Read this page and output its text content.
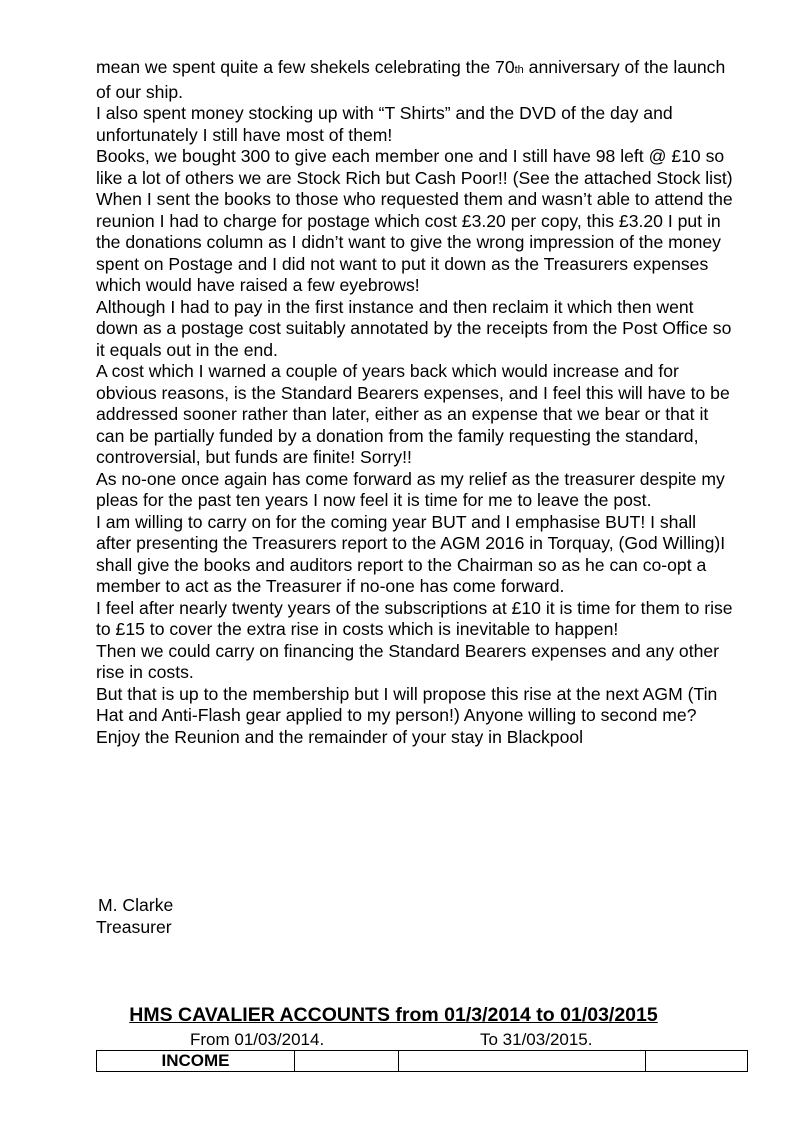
mean we spent quite a few shekels celebrating the 70th anniversary of the launch of our ship.

I also spent money stocking up with “T Shirts” and the DVD of the day and unfortunately I still have most of them!

Books, we bought 300 to give each member one and I still have 98 left @ £10 so like a lot of others we are Stock Rich but Cash Poor!! (See the attached Stock list)

When I sent the books to those who requested them and wasn’t able to attend the reunion I had to charge for postage which cost £3.20 per copy, this £3.20 I put in the donations column as I didn’t want to give the wrong impression of the money spent on Postage and I did not want to put it down as the Treasurers expenses which would have raised a few eyebrows!

Although I had to pay in the first instance and then reclaim it which then went down as a postage cost suitably annotated by the receipts from the Post Office so it equals out in the end.

A cost which I warned a couple of years back which would increase and for obvious reasons, is the Standard Bearers expenses, and I feel this will have to be addressed sooner rather than later, either as an expense that we bear or that it can be partially funded by a donation from the family requesting the standard, controversial, but funds are finite! Sorry!!

As no-one once again has come forward as my relief as the treasurer despite my pleas for the past ten years I now feel it is time for me to leave the post.

I am willing to carry on for the coming year BUT and I emphasise BUT! I shall after presenting the Treasurers report to the AGM 2016 in Torquay, (God Willing)I shall give the books and auditors report to the Chairman so as he can co-opt a member to act as the Treasurer if no-one has come forward.

I feel after nearly twenty years of the subscriptions at £10 it is time for them to rise to £15 to cover the extra rise in costs which is inevitable to happen!

Then we could carry on financing the Standard Bearers expenses and any other rise in costs.

But that is up to the membership but I will propose this rise at the next AGM (Tin Hat and Anti-Flash gear applied to my person!) Anyone willing to second me?

Enjoy the Reunion and the remainder of your stay in Blackpool

M. Clarke
Treasurer
HMS CAVALIER ACCOUNTS from 01/3/2014 to 01/03/2015
From 01/03/2014.	To 31/03/2015.
INCOME			
